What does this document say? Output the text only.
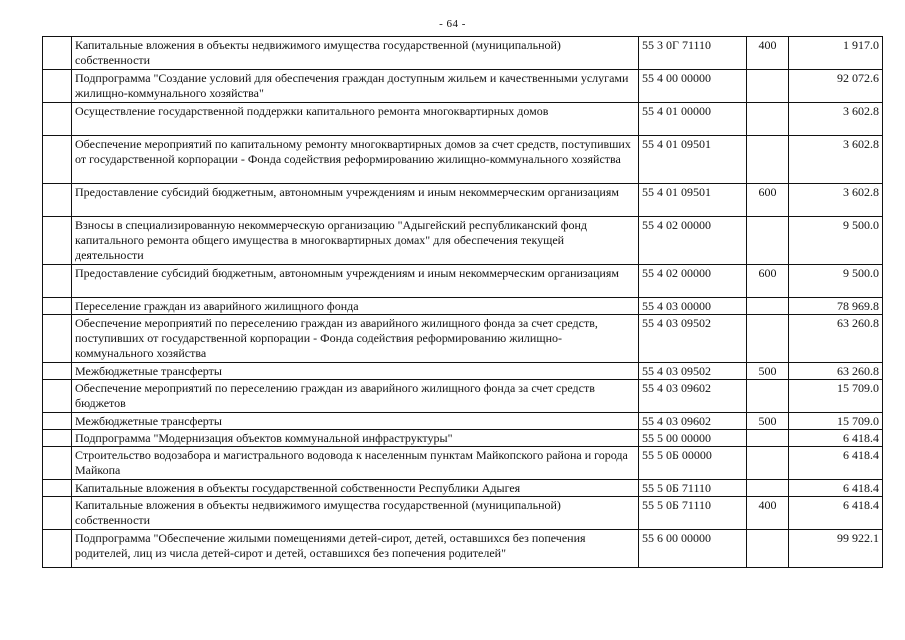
- 64 -
	Капитальные вложения в объекты недвижимого имущества государственной (муниципальной) собственности	55 3 0Г 71110	400	1 917.0
	Подпрограмма "Создание условий для обеспечения граждан доступным жильем и качественными услугами жилищно-коммунального хозяйства"	55 4 00 00000		92 072.6
	Осуществление государственной поддержки капитального ремонта многоквартирных домов	55 4 01 00000		3 602.8
	Обеспечение мероприятий по капитальному ремонту многоквартирных домов за счет средств, поступивших от государственной корпорации - Фонда содействия реформированию жилищно-коммунального хозяйства	55 4 01 09501		3 602.8
	Предоставление субсидий бюджетным, автономным учреждениям и иным некоммерческим организациям	55 4 01 09501	600	3 602.8
	Взносы в специализированную некоммерческую организацию "Адыгейский республиканский фонд капитального ремонта общего имущества в многоквартирных домах" для обеспечения текущей деятельности	55 4 02 00000		9 500.0
	Предоставление субсидий бюджетным, автономным учреждениям и иным некоммерческим организациям	55 4 02 00000	600	9 500.0
	Переселение граждан из аварийного жилищного фонда	55 4 03 00000		78 969.8
	Обеспечение мероприятий по переселению граждан из аварийного жилищного фонда за счет средств, поступивших от государственной корпорации - Фонда содействия реформированию жилищно-коммунального хозяйства	55 4 03 09502		63 260.8
	Межбюджетные трансферты	55 4 03 09502	500	63 260.8
	Обеспечение мероприятий по переселению граждан из аварийного жилищного фонда за счет средств бюджетов	55 4 03 09602		15 709.0
	Межбюджетные трансферты	55 4 03 09602	500	15 709.0
	Подпрограмма "Модернизация объектов коммунальной инфраструктуры"	55 5 00 00000		6 418.4
	Строительство водозабора и магистрального водовода к населенным пунктам Майкопского района и города Майкопа	55 5 0Б 00000		6 418.4
	Капитальные вложения в объекты государственной собственности Республики Адыгея	55 5 0Б 71110		6 418.4
	Капитальные вложения в объекты недвижимого имущества государственной (муниципальной) собственности	55 5 0Б 71110	400	6 418.4
	Подпрограмма "Обеспечение жилыми помещениями детей-сирот, детей, оставшихся без попечения родителей, лиц из числа детей-сирот и детей, оставшихся без попечения родителей"	55 6 00 00000		99 922.1
